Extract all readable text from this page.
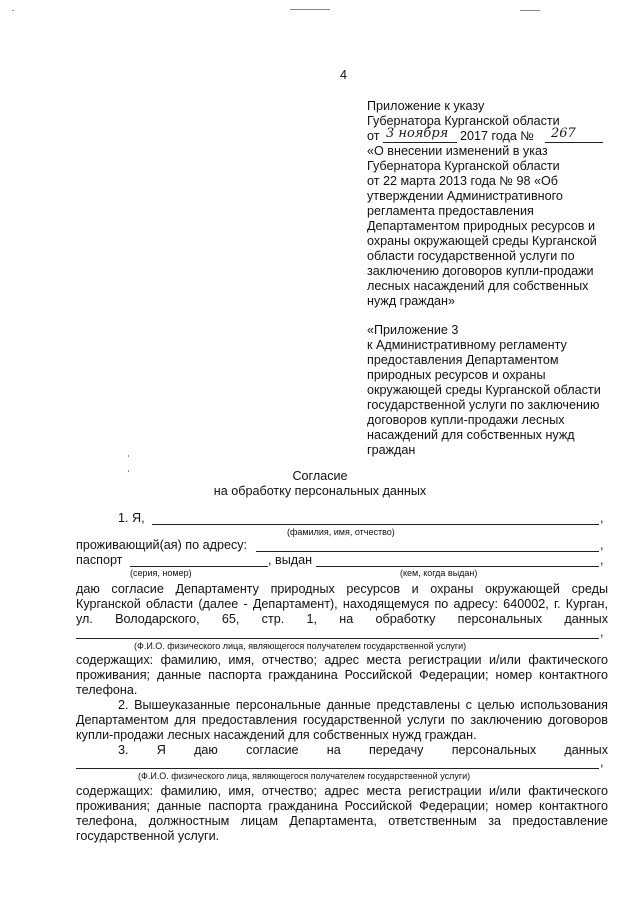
4
Приложение к указу
Губернатора Курганской области
от 3 ноября 2017 года № 267
«О внесении изменений в указ
Губернатора Курганской области
от 22 марта 2013 года № 98 «Об
утверждении Административного
регламента предоставления
Департаментом природных ресурсов и
охраны окружающей среды Курганской
области государственной услуги по
заключению договоров купли-продажи
лесных насаждений для собственных
нужд граждан»
«Приложение 3
к Административному регламенту
предоставления Департаментом
природных ресурсов и охраны
окружающей среды Курганской области
государственной услуги по заключению
договоров купли-продажи лесных
насаждений для собственных нужд
граждан
Согласие
на обработку персональных данных
1. Я,	,
(фамилия, имя, отчество)
проживающий(ая) по адресу:	,
паспорт	, выдан	,
(серия, номер)	(кем, когда выдан)
даю согласие Департаменту природных ресурсов и охраны окружающей среды
Курганской области (далее - Департамент), находящемуся по адресу: 640002, г. Курган,
ул. Володарского, 65, стр. 1, на обработку персональных данных
,
(Ф.И.О. физического лица, являющегося получателем государственной услуги)
содержащих: фамилию, имя, отчество; адрес места регистрации и/или фактического
проживания; данные паспорта гражданина Российской Федерации; номер контактного
телефона.
2. Вышеуказанные персональные данные представлены с целью использования
Департаментом для предоставления государственной услуги по заключению договоров
купли-продажи лесных насаждений для собственных нужд граждан.
3. Я даю согласие на передачу персональных данных
,
(Ф.И.О. физического лица, являющегося получателем государственной услуги)
содержащих: фамилию, имя, отчество; адрес места регистрации и/или фактического
проживания; данные паспорта гражданина Российской Федерации; номер контактного
телефона, должностным лицам Департамента, ответственным за предоставление
государственной услуги.
